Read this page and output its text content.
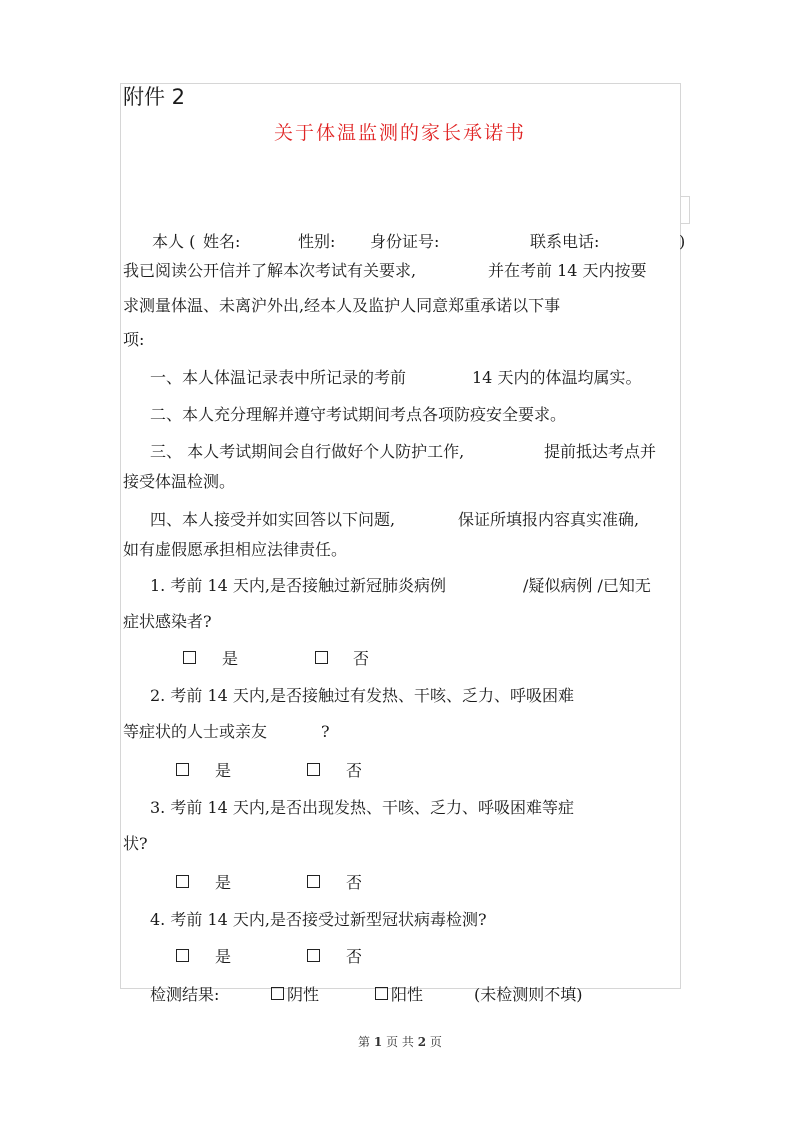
附件 2
关于体温监测的家长承诺书
本人 ( 姓名:	性别: 身份证号:	联系电话:	)
我已阅读公开信并了解本次考试有关要求,	并在考前 14 天内按要
求测量体温、未离沪外出,经本人及监护人同意郑重承诺以下事
项:
一、本人体温记录表中所记录的考前	14 天内的体温均属实。
二、本人充分理解并遵守考试期间考点各项防疫安全要求。
三、 本人考试期间会自行做好个人防护工作,	提前抵达考点并
接受体温检测。
四、本人接受并如实回答以下问题,	保证所填报内容真实准确,
如有虚假愿承担相应法律责任。
1. 考前 14 天内,是否接触过新冠肺炎病例	/疑似病例 /已知无
症状感染者?
是	否
2. 考前 14 天内,是否接触过有发热、干咳、乏力、呼吸困难
等症状的人士或亲友	?
是	否
3. 考前 14 天内,是否出现发热、干咳、乏力、呼吸困难等症
状?
是	否
4. 考前 14 天内,是否接受过新型冠状病毒检测?
是	否
检测结果:	阴性	阳性	(未检测则不填)
第 1 页 共 2 页
